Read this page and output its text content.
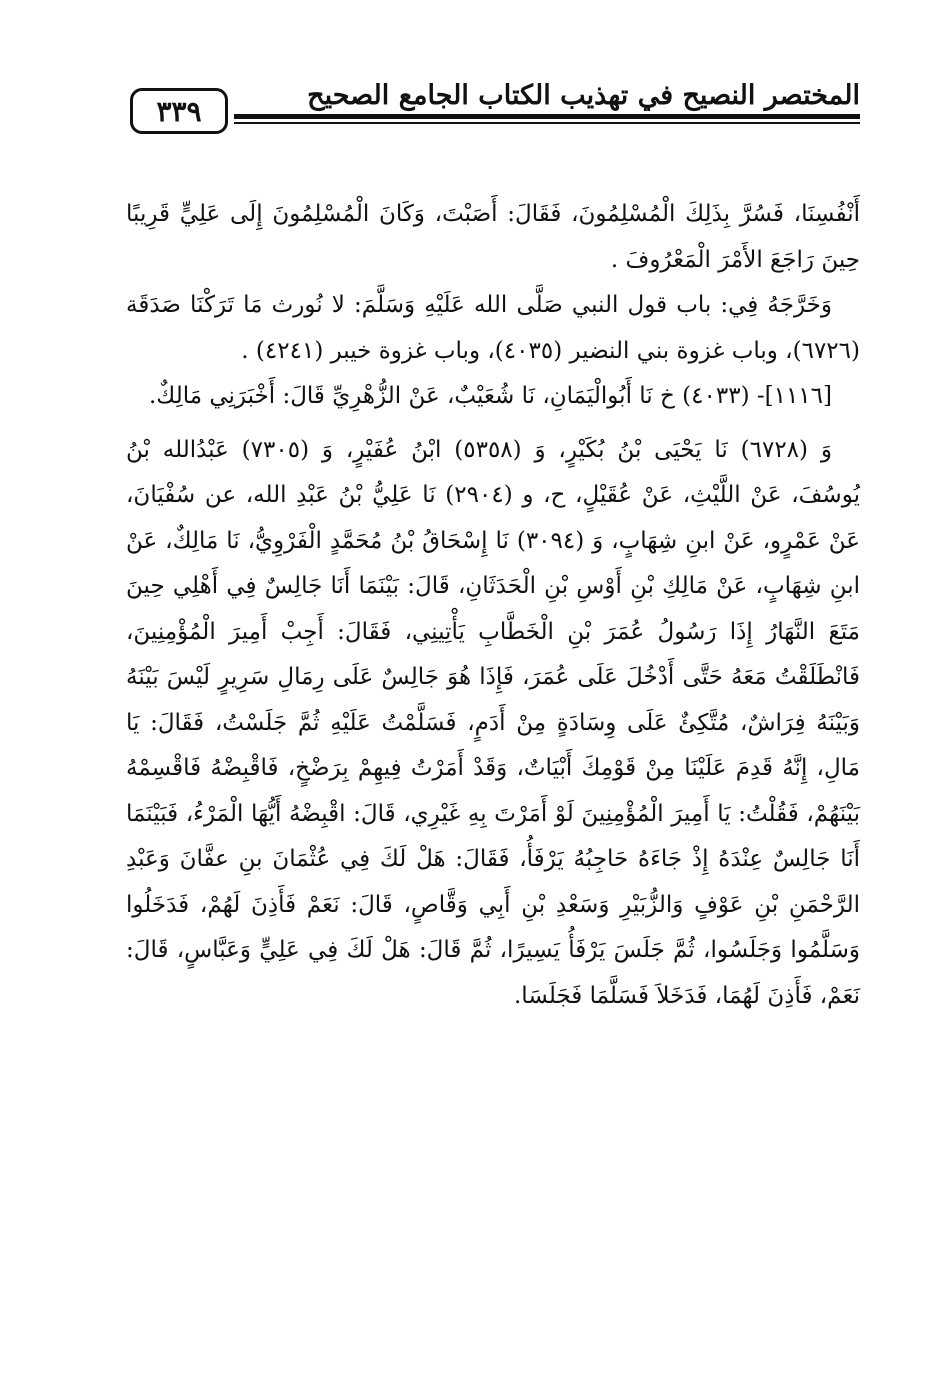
٣٣٩	المختصر النصيح في تهذيب الكتاب الجامع الصحيح

أَنْفُسِنَا، فَسُرَّ بِذَلِكَ الْمُسْلِمُونَ، فَقَالَ: أَصَبْتَ، وَكَانَ الْمُسْلِمُونَ إِلَى عَلِيٍّ قَرِيبًا حِينَ رَاجَعَ الأَمْرَ الْمَعْرُوفَ .

وَخَرَّجَهُ فِي: باب قول النبي صَلَّى الله عَلَيْهِ وَسَلَّمَ: لا نُورث مَا تَرَكْنَا صَدَقَة (٦٧٢٦)، وباب غزوة بني النضير (٤٠٣٥)، وباب غزوة خيبر (٤٢٤١) .

[١١١٦]- (٤٠٣٣) خ نَا أَبُوالْيَمَانِ، نَا شُعَيْبٌ، عَنْ الزُّهْرِيِّ قَالَ: أَخْبَرَنِي مَالِكٌ.

وَ (٦٧٢٨) نَا يَحْيَى بْنُ بُكَيْرٍ، وَ (٥٣٥٨) ابْنُ عُفَيْرٍ، وَ (٧٣٠٥) عَبْدُالله بْنُ يُوسُفَ، عَنْ اللَّيْثِ، عَنْ عُقَيْلٍ، ح، و (٢٩٠٤) نَا عَلِيُّ بْنُ عَبْدِ الله، عن سُفْيَانَ، عَنْ عَمْرٍو، عَنْ ابنِ شِهَابٍ، وَ (٣٠٩٤) نَا إِسْحَاقُ بْنُ مُحَمَّدٍ الْفَرْوِيُّ، نَا مَالِكٌ، عَنْ ابنِ شِهَابٍ، عَنْ مَالِكِ بْنِ أَوْسِ بْنِ الْحَدَثَانِ، قَالَ: بَيْنَمَا أَنَا جَالِسٌ فِي أَهْلِي حِينَ مَتَعَ النَّهَارُ إِذَا رَسُولُ عُمَرَ بْنِ الْخَطَّابِ يَأْتِينِي، فَقَالَ: أَجِبْ أَمِيرَ الْمُؤْمِنِينَ، فَانْطَلَقْتُ مَعَهُ حَتَّى أَدْخُلَ عَلَى عُمَرَ، فَإِذَا هُوَ جَالِسٌ عَلَى رِمَالِ سَرِيرٍ لَيْسَ بَيْنَهُ وَبَيْنَهُ فِرَاشٌ، مُتَّكِئٌ عَلَى وِسَادَةٍ مِنْ أَدَمٍ، فَسَلَّمْتُ عَلَيْهِ ثُمَّ جَلَسْتُ، فَقَالَ: يَا مَالِ، إِنَّهُ قَدِمَ عَلَيْنَا مِنْ قَوْمِكَ أَبْيَاتٌ، وَقَدْ أَمَرْتُ فِيهِمْ بِرَضْخٍ، فَاقْبِضْهُ فَاقْسِمْهُ بَيْنَهُمْ، فَقُلْتُ: يَا أَمِيرَ الْمُؤْمِنِينَ لَوْ أَمَرْتَ بِهِ غَيْرِي، قَالَ: اقْبِضْهُ أَيُّهَا الْمَرْءُ، فَبَيْنَمَا أَنَا جَالِسٌ عِنْدَهُ إِذْ جَاءَهُ حَاجِبُهُ يَرْفَأُ، فَقَالَ: هَلْ لَكَ فِي عُثْمَانَ بنِ عفَّانَ وَعَبْدِ الرَّحْمَنِ بْنِ عَوْفٍ وَالزُّبَيْرِ وَسَعْدِ بْنِ أَبِي وَقَّاصٍ، قَالَ: نَعَمْ فَأَذِنَ لَهُمْ، فَدَخَلُوا وَسَلَّمُوا وَجَلَسُوا، ثُمَّ جَلَسَ يَرْفَأُ يَسِيرًا، ثُمَّ قَالَ: هَلْ لَكَ فِي عَلِيٍّ وَعَبَّاسٍ، قَالَ: نَعَمْ، فَأَذِنَ لَهُمَا، فَدَخَلاَ فَسَلَّمَا فَجَلَسَا.
